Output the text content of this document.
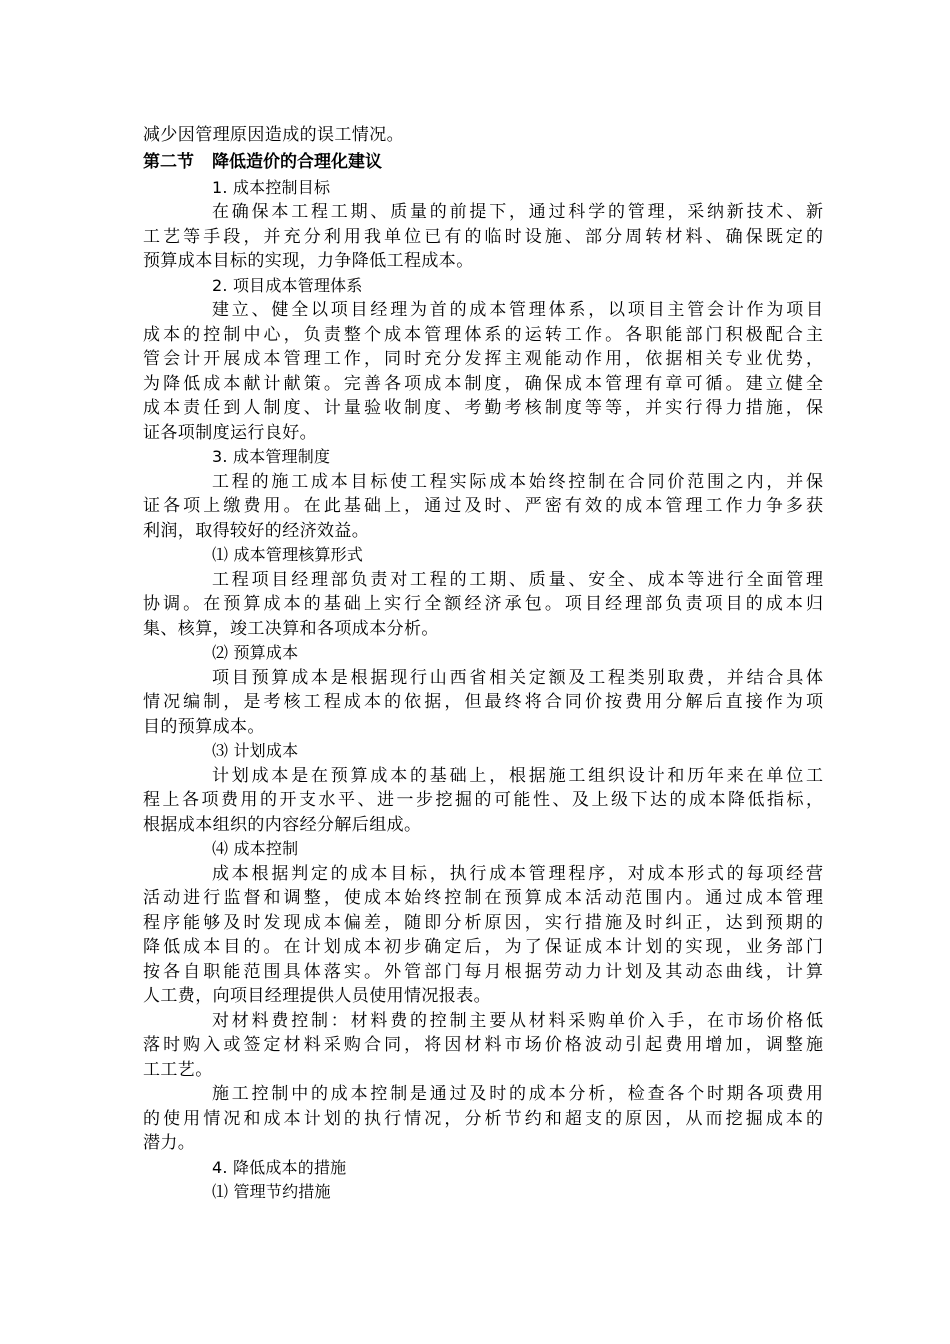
减少因管理原因造成的误工情况。
第二节 降低造价的合理化建议
1. 成本控制目标
在确保本工程工期、质量的前提下，通过科学的管理，采纳新技术、新
工艺等手段，并充分利用我单位已有的临时设施、部分周转材料、确保既定的
预算成本目标的实现，力争降低工程成本。
2. 项目成本管理体系
建立、健全以项目经理为首的成本管理体系，以项目主管会计作为项目
成本的控制中心，负责整个成本管理体系的运转工作。各职能部门积极配合主
管会计开展成本管理工作，同时充分发挥主观能动作用，依据相关专业优势，
为降低成本献计献策。完善各项成本制度，确保成本管理有章可循。建立健全
成本责任到人制度、计量验收制度、考勤考核制度等等，并实行得力措施，保
证各项制度运行良好。
3. 成本管理制度
工程的施工成本目标使工程实际成本始终控制在合同价范围之内，并保
证各项上缴费用。在此基础上，通过及时、严密有效的成本管理工作力争多获
利润，取得较好的经济效益。
⑴ 成本管理核算形式
工程项目经理部负责对工程的工期、质量、安全、成本等进行全面管理
协调。在预算成本的基础上实行全额经济承包。项目经理部负责项目的成本归
集、核算，竣工决算和各项成本分析。
⑵ 预算成本
项目预算成本是根据现行山西省相关定额及工程类别取费，并结合具体
情况编制，是考核工程成本的依据，但最终将合同价按费用分解后直接作为项
目的预算成本。
⑶ 计划成本
计划成本是在预算成本的基础上，根据施工组织设计和历年来在单位工
程上各项费用的开支水平、进一步挖掘的可能性、及上级下达的成本降低指标，
根据成本组织的内容经分解后组成。
⑷ 成本控制
成本根据判定的成本目标，执行成本管理程序，对成本形式的每项经营
活动进行监督和调整，使成本始终控制在预算成本活动范围内。通过成本管理
程序能够及时发现成本偏差，随即分析原因，实行措施及时纠正，达到预期的
降低成本目的。在计划成本初步确定后，为了保证成本计划的实现，业务部门
按各自职能范围具体落实。外管部门每月根据劳动力计划及其动态曲线，计算
人工费，向项目经理提供人员使用情况报表。
对材料费控制：材料费的控制主要从材料采购单价入手，在市场价格低
落时购入或签定材料采购合同，将因材料市场价格波动引起费用增加，调整施
工工艺。
施工控制中的成本控制是通过及时的成本分析，检查各个时期各项费用
的使用情况和成本计划的执行情况，分析节约和超支的原因，从而挖掘成本的
潜力。
4. 降低成本的措施
⑴ 管理节约措施
